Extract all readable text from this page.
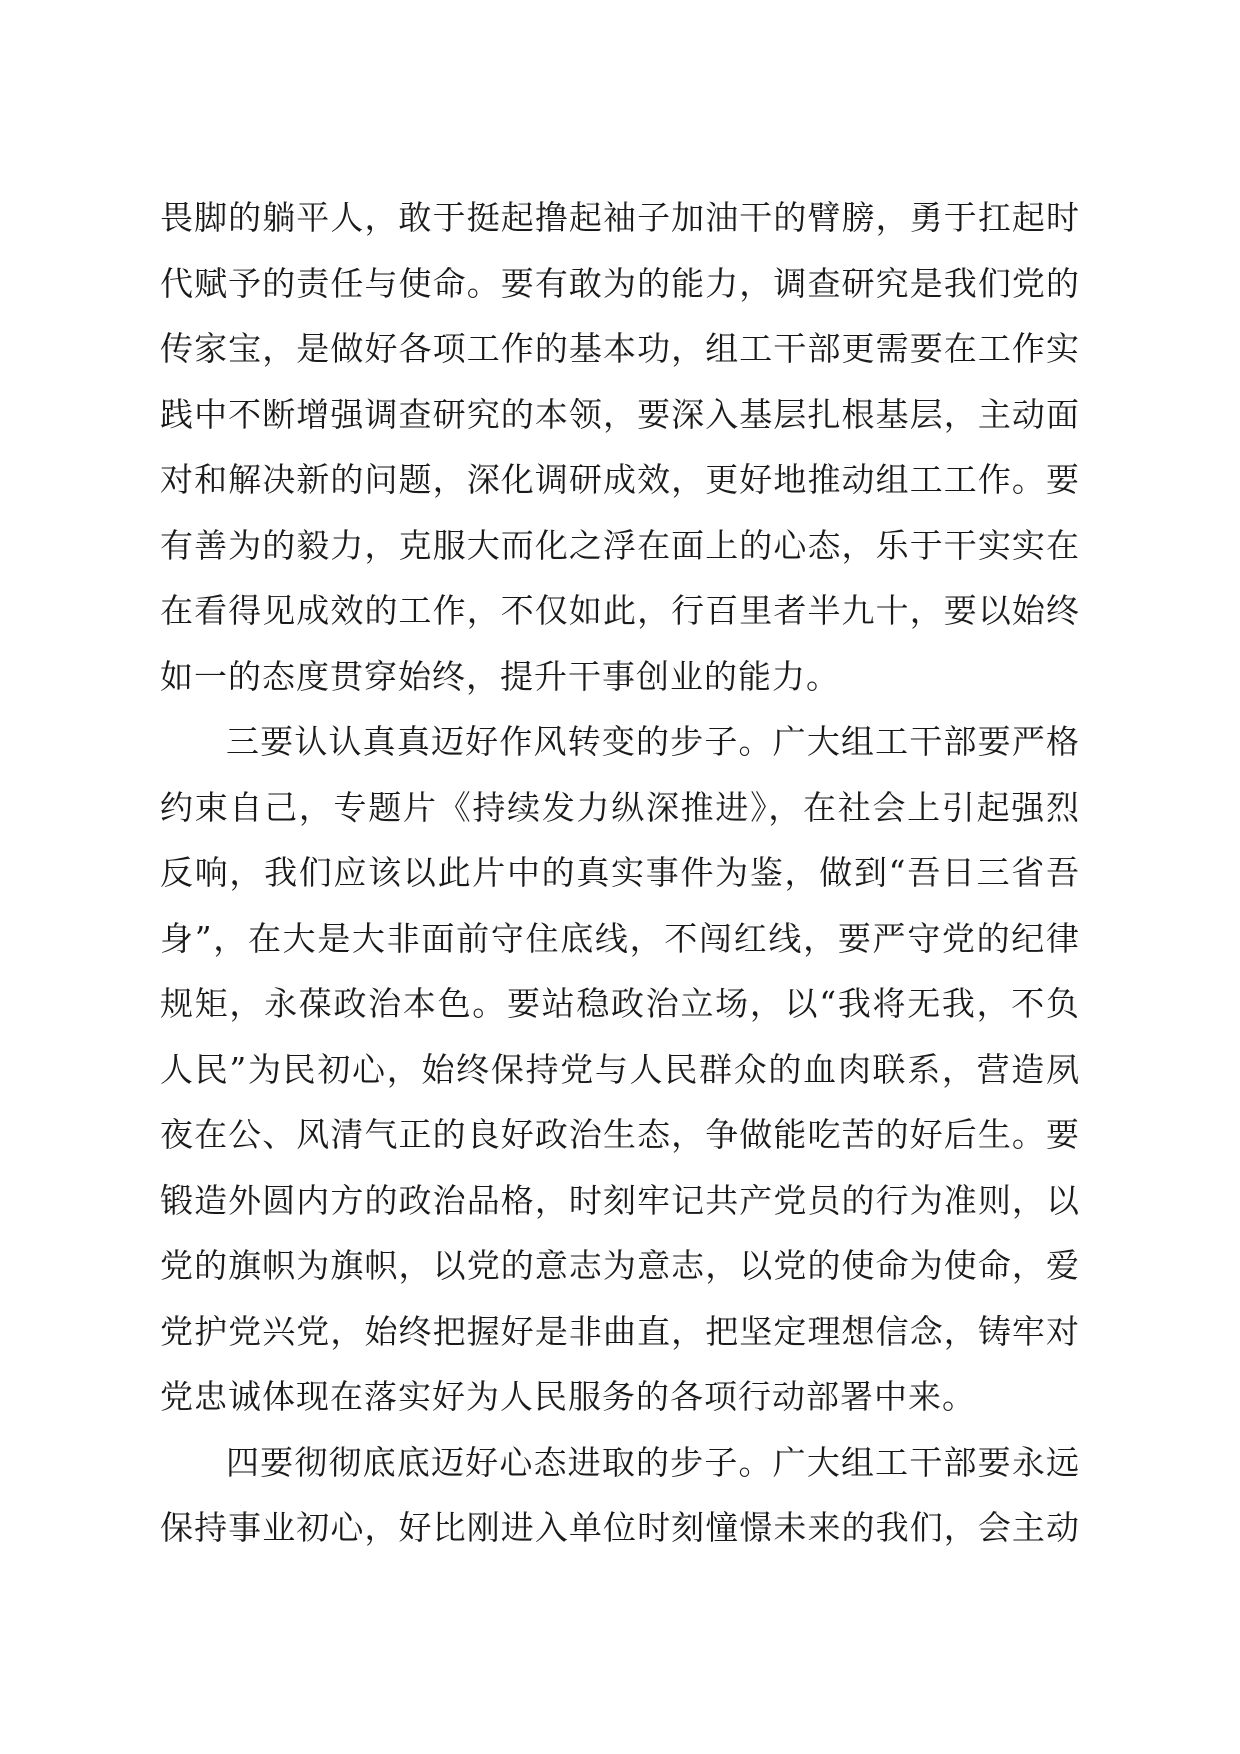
畏脚的躺平人，敢于挺起撸起袖子加油干的臂膀，勇于扛起时
代赋予的责任与使命。要有敢为的能力，调查研究是我们党的
传家宝，是做好各项工作的基本功，组工干部更需要在工作实
践中不断增强调查研究的本领，要深入基层扎根基层，主动面
对和解决新的问题，深化调研成效，更好地推动组工工作。要
有善为的毅力，克服大而化之浮在面上的心态，乐于干实实在
在看得见成效的工作，不仅如此，行百里者半九十，要以始终
如一的态度贯穿始终，提升干事创业的能力。
三要认认真真迈好作风转变的步子。广大组工干部要严格
约束自己，专题片《持续发力纵深推进》，在社会上引起强烈
反响，我们应该以此片中的真实事件为鉴，做到“吾日三省吾
身”，在大是大非面前守住底线，不闯红线，要严守党的纪律
规矩，永葆政治本色。要站稳政治立场，以“我将无我，不负
人民”为民初心，始终保持党与人民群众的血肉联系，营造夙
夜在公、风清气正的良好政治生态，争做能吃苦的好后生。要
锻造外圆内方的政治品格，时刻牢记共产党员的行为准则，以
党的旗帜为旗帜，以党的意志为意志，以党的使命为使命，爱
党护党兴党，始终把握好是非曲直，把坚定理想信念，铸牢对
党忠诚体现在落实好为人民服务的各项行动部署中来。
四要彻彻底底迈好心态进取的步子。广大组工干部要永远
保持事业初心，好比刚进入单位时刻憧憬未来的我们，会主动
